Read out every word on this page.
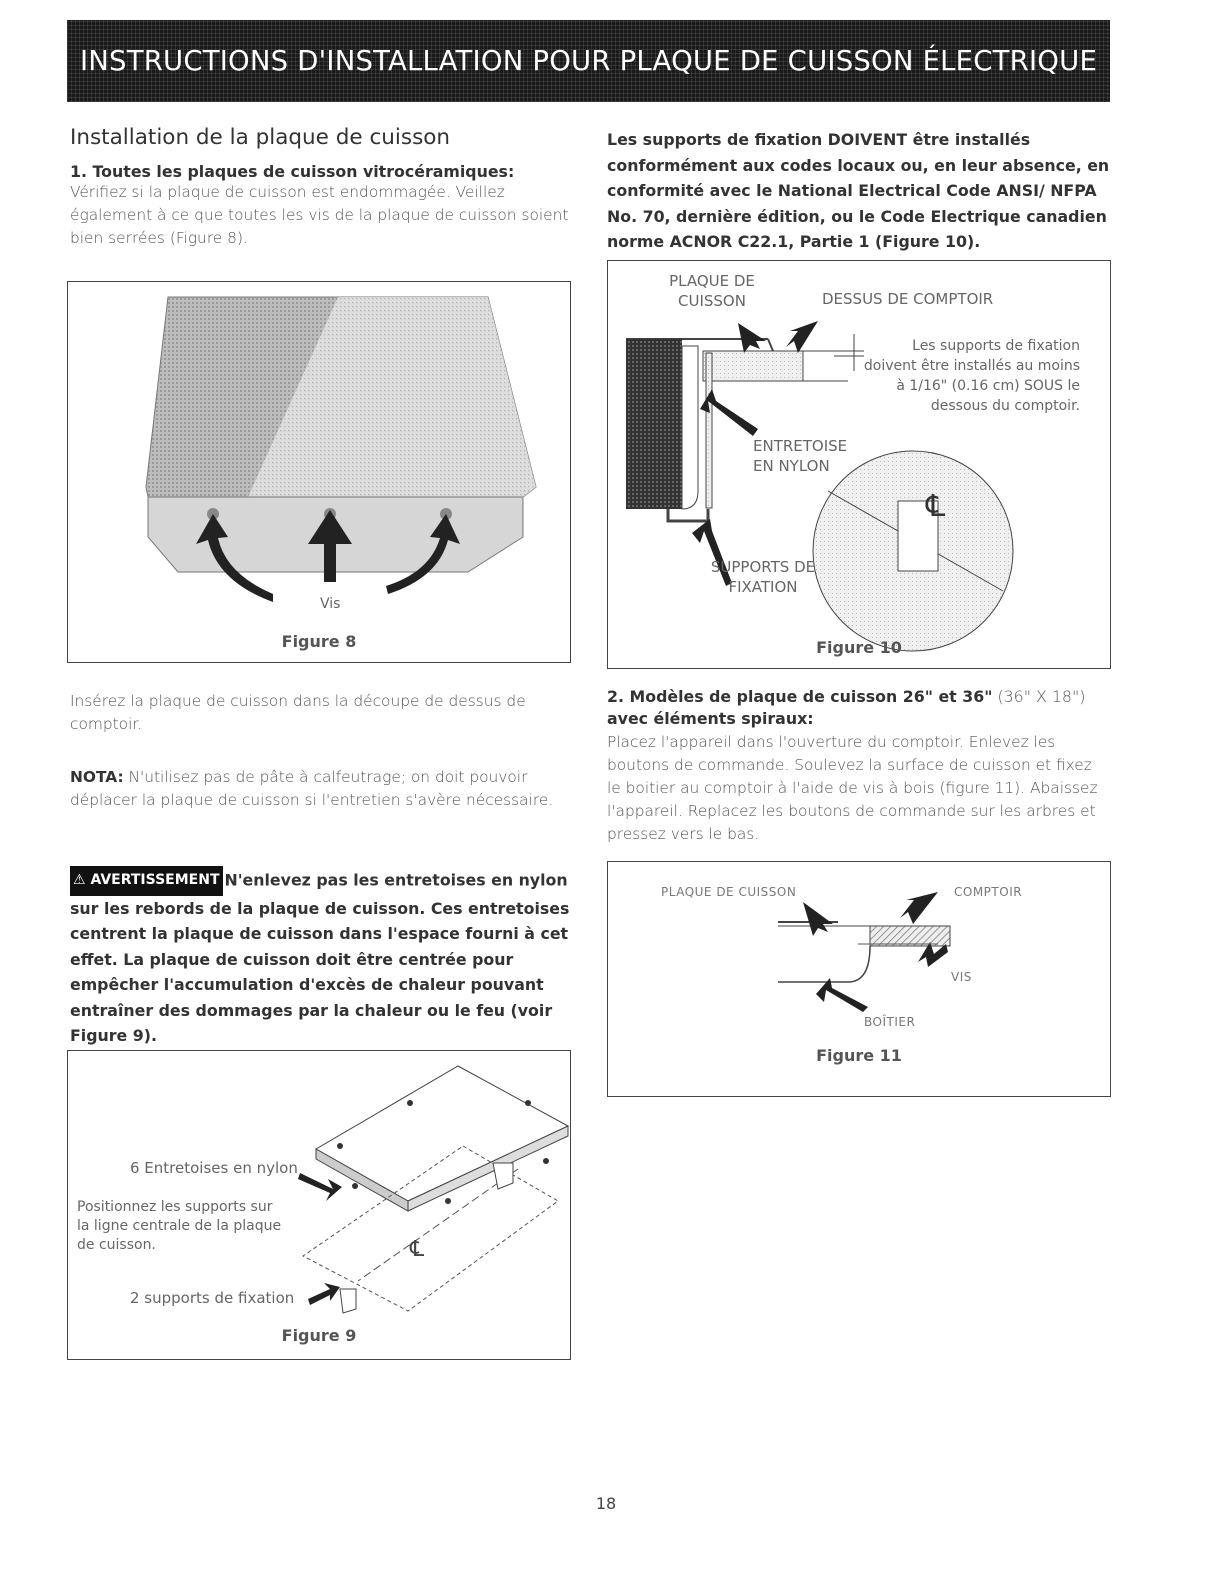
INSTRUCTIONS D'INSTALLATION POUR PLAQUE DE CUISSON ÉLECTRIQUE
Installation de la plaque de cuisson
1. Toutes les plaques de cuisson vitrocéramiques:

Vérifiez si la plaque de cuisson est endommagée. Veillez également à ce que toutes les vis de la plaque de cuisson soient bien serrées (Figure 8).

Vis
Figure 8

Insérez la plaque de cuisson dans la découpe de dessus de comptoir.

NOTA: N'utilisez pas de pâte à calfeutrage; on doit pouvoir déplacer la plaque de cuisson si l'entretien s'avère nécessaire.

⚠ AVERTISSEMENT N'enlevez pas les entretoises en nylon sur les rebords de la plaque de cuisson. Ces entretoises centrent la plaque de cuisson dans l'espace fourni à cet effet. La plaque de cuisson doit être centrée pour empêcher l'accumulation d'excès de chaleur pouvant entraîner des dommages par la chaleur ou le feu (voir Figure 9).

℄
6 Entretoises en nylon
Positionnez les supports sur la ligne centrale de la plaque de cuisson.
2 supports de fixation
Figure 9

Les supports de fixation DOIVENT être installés conformément aux codes locaux ou, en leur absence, en conformité avec le National Electrical Code ANSI/ NFPA No. 70, dernière édition, ou le Code Electrique canadien norme ACNOR C22.1, Partie 1 (Figure 10).

℄
PLAQUE DE CUISSON	DESSUS DE COMPTOIR
Les supports de fixation doivent être installés au moins à 1/16" (0.16 cm) SOUS le dessous du comptoir.
ENTRETOISE EN NYLON
SUPPORTS DE FIXATION
Figure 10
2. Modèles de plaque de cuisson 26" et 36" (36" X 18")
avec éléments spiraux:

Placez l'appareil dans l'ouverture du comptoir. Enlevez les boutons de commande. Soulevez la surface de cuisson et fixez le boitier au comptoir à l'aide de vis à bois (figure 11). Abaissez l'appareil. Replacez les boutons de commande sur les arbres et pressez vers le bas.

PLAQUE DE CUISSON	COMPTOIR
VIS
BOÎTIER
Figure 11
18
